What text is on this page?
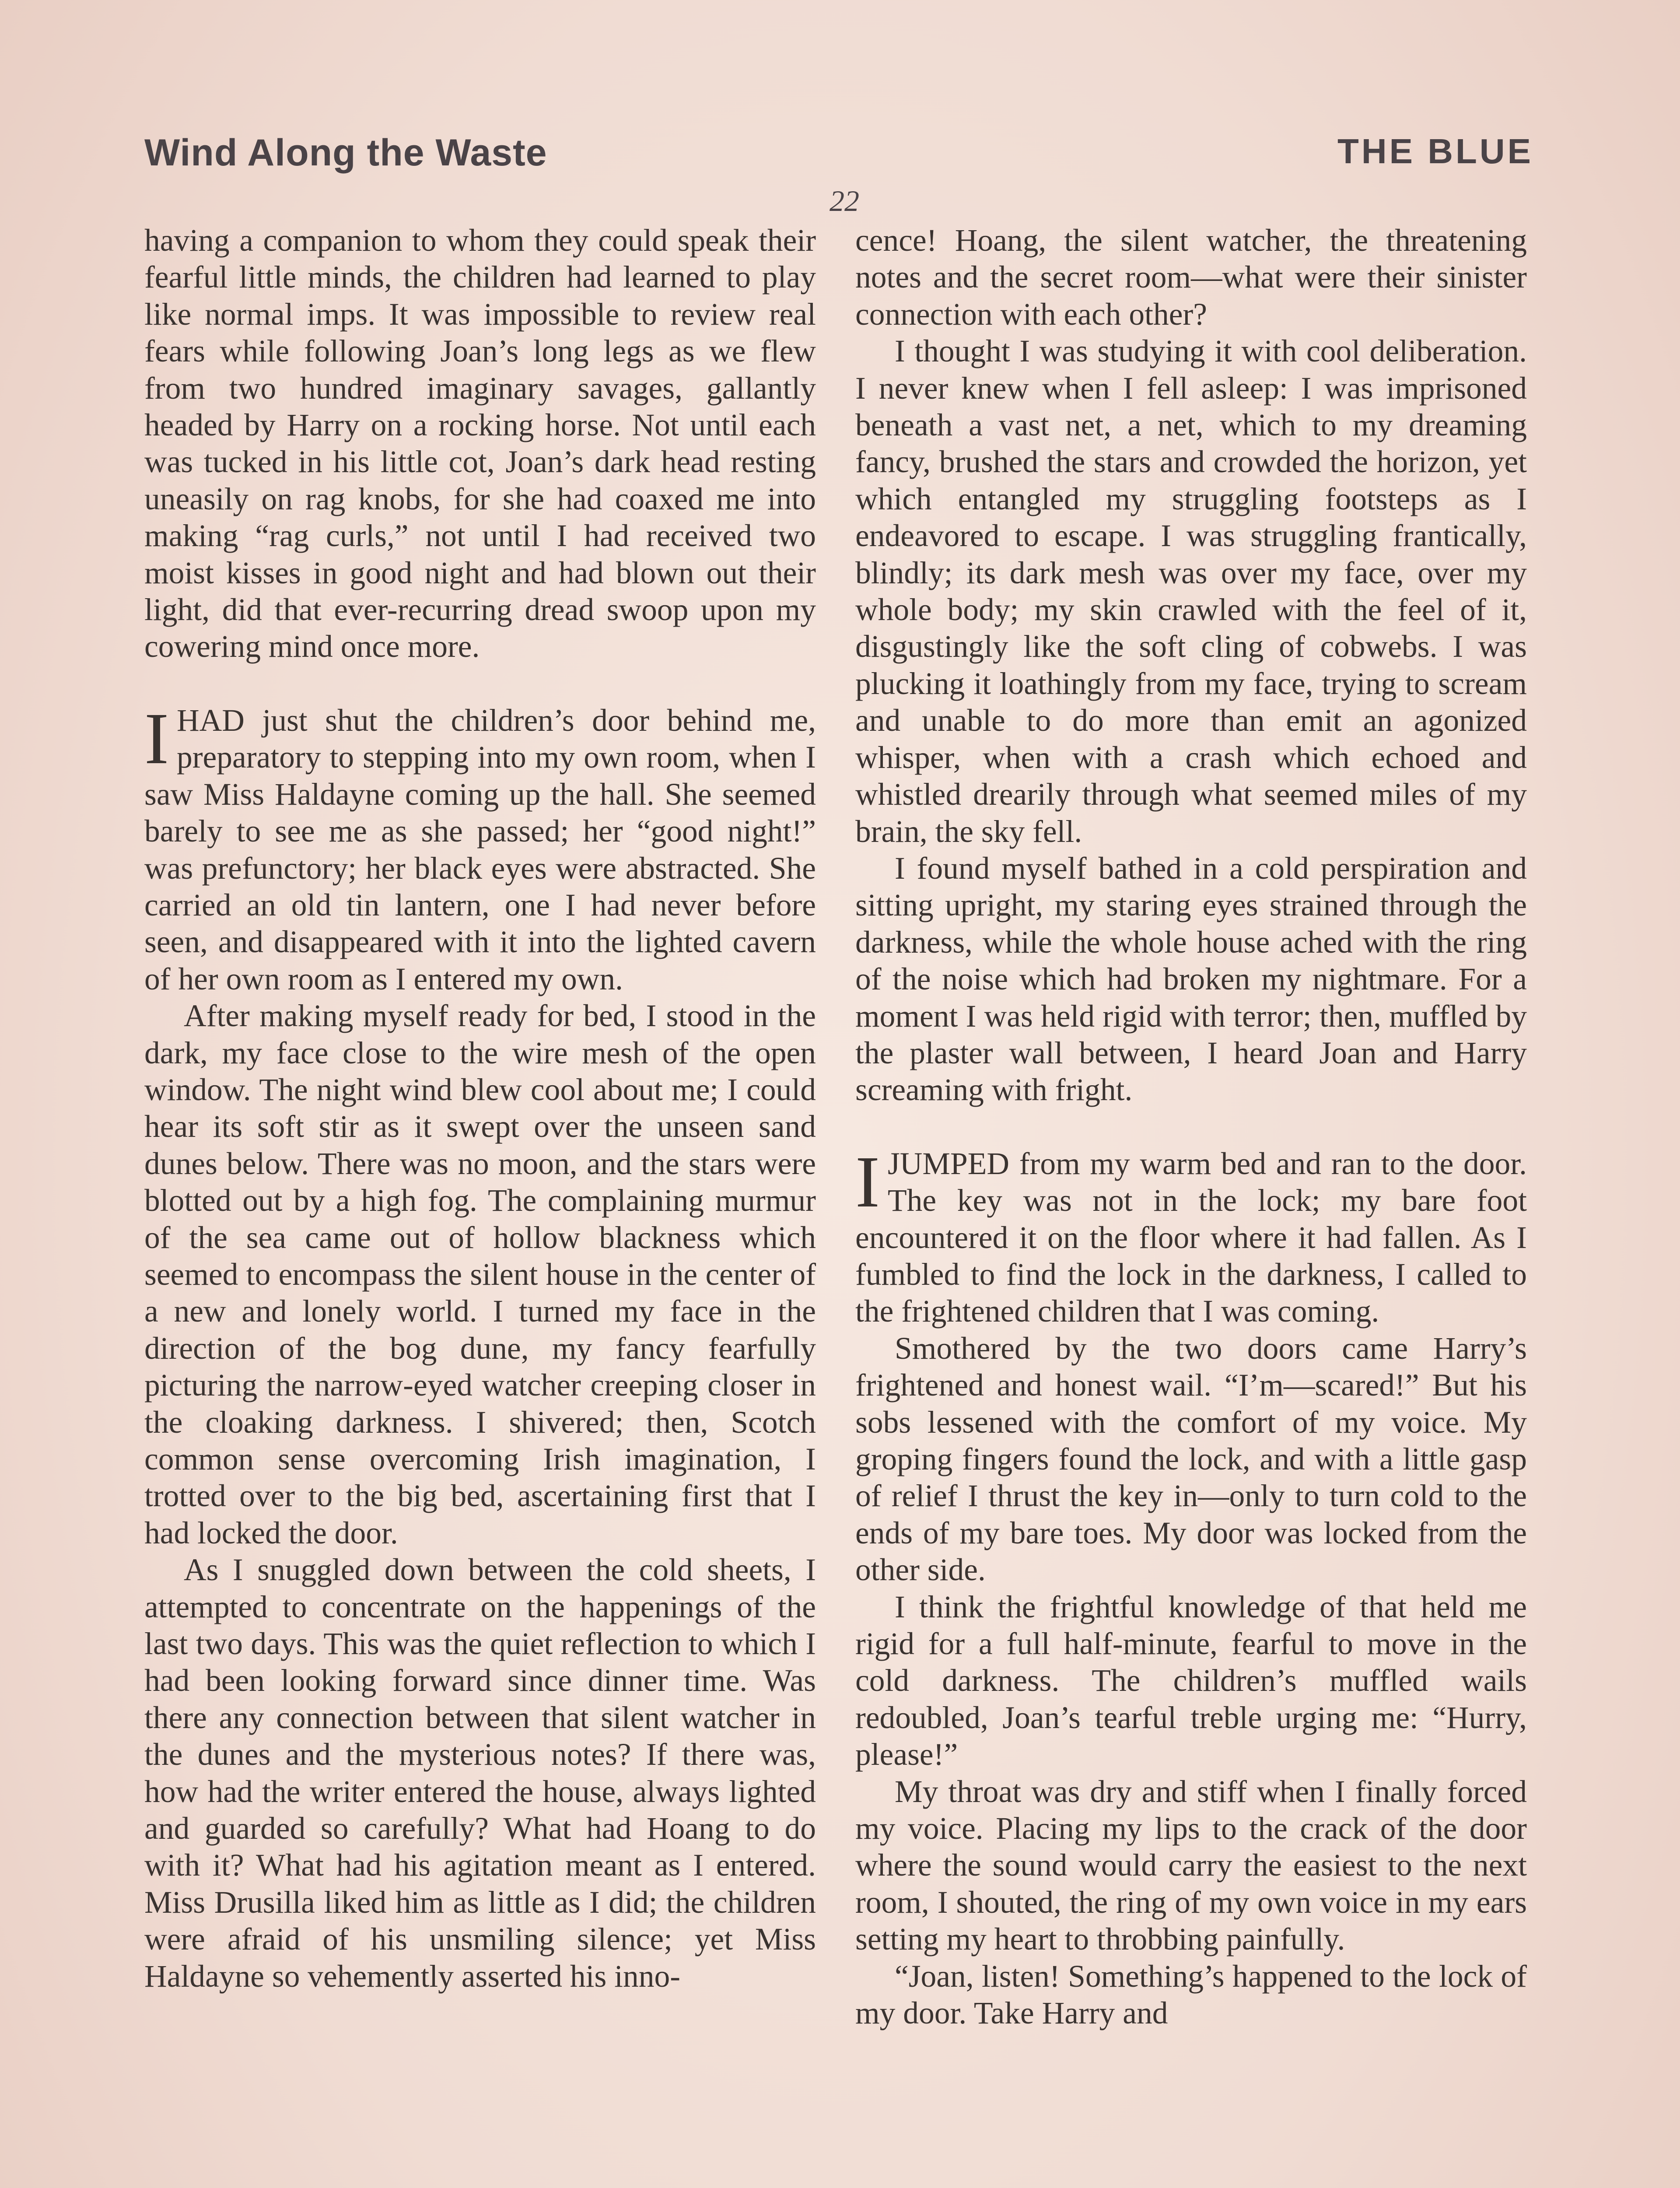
Wind Along the Waste	THE BLUE
22

having a companion to whom they could speak their fearful little minds, the children had learned to play like normal imps. It was impossible to review real fears while following Joan’s long legs as we flew from two hundred imaginary savages, gallantly headed by Harry on a rocking horse. Not until each was tucked in his little cot, Joan’s dark head resting uneasily on rag knobs, for she had coaxed me into making “rag curls,” not until I had received two moist kisses in good night and had blown out their light, did that ever-recurring dread swoop upon my cowering mind once more.

IHAD just shut the children’s door behind me, preparatory to stepping into my own room, when I saw Miss Haldayne coming up the hall. She seemed barely to see me as she passed; her “good night!” was prefunctory; her black eyes were abstracted. She carried an old tin lantern, one I had never before seen, and disappeared with it into the lighted cavern of her own room as I entered my own.

After making myself ready for bed, I stood in the dark, my face close to the wire mesh of the open window. The night wind blew cool about me; I could hear its soft stir as it swept over the unseen sand dunes below. There was no moon, and the stars were blotted out by a high fog. The complaining murmur of the sea came out of hollow blackness which seemed to encompass the silent house in the center of a new and lonely world. I turned my face in the direction of the bog dune, my fancy fearfully picturing the narrow-eyed watcher creeping closer in the cloaking darkness. I shivered; then, Scotch common sense overcoming Irish imagination, I trotted over to the big bed, ascertaining first that I had locked the door.

As I snuggled down between the cold sheets, I attempted to concentrate on the happenings of the last two days. This was the quiet reflection to which I had been looking forward since dinner time. Was there any connection between that silent watcher in the dunes and the mysterious notes? If there was, how had the writer entered the house, always lighted and guarded so carefully? What had Hoang to do with it? What had his agitation meant as I entered. Miss Drusilla liked him as little as I did; the children were afraid of his unsmiling silence; yet Miss Haldayne so vehemently asserted his inno-

cence! Hoang, the silent watcher, the threatening notes and the secret room—what were their sinister connection with each other?

I thought I was studying it with cool deliberation. I never knew when I fell asleep: I was imprisoned beneath a vast net, a net, which to my dreaming fancy, brushed the stars and crowded the horizon, yet which entangled my struggling footsteps as I endeavored to escape. I was struggling frantically, blindly; its dark mesh was over my face, over my whole body; my skin crawled with the feel of it, disgustingly like the soft cling of cobwebs. I was plucking it loathingly from my face, trying to scream and unable to do more than emit an agonized whisper, when with a crash which echoed and whistled drearily through what seemed miles of my brain, the sky fell.

I found myself bathed in a cold perspiration and sitting upright, my staring eyes strained through the darkness, while the whole house ached with the ring of the noise which had broken my nightmare. For a moment I was held rigid with terror; then, muffled by the plaster wall between, I heard Joan and Harry screaming with fright.

IJUMPED from my warm bed and ran to the door. The key was not in the lock; my bare foot encountered it on the floor where it had fallen. As I fumbled to find the lock in the darkness, I called to the frightened children that I was coming.

Smothered by the two doors came Harry’s frightened and honest wail. “I’m—scared!” But his sobs lessened with the comfort of my voice. My groping fingers found the lock, and with a little gasp of relief I thrust the key in—only to turn cold to the ends of my bare toes. My door was locked from the other side.

I think the frightful knowledge of that held me rigid for a full half-minute, fearful to move in the cold darkness. The children’s muffled wails redoubled, Joan’s tearful treble urging me: “Hurry, please!”

My throat was dry and stiff when I finally forced my voice. Placing my lips to the crack of the door where the sound would carry the easiest to the next room, I shouted, the ring of my own voice in my ears setting my heart to throbbing painfully.

“Joan, listen! Something’s happened to the lock of my door. Take Harry and
